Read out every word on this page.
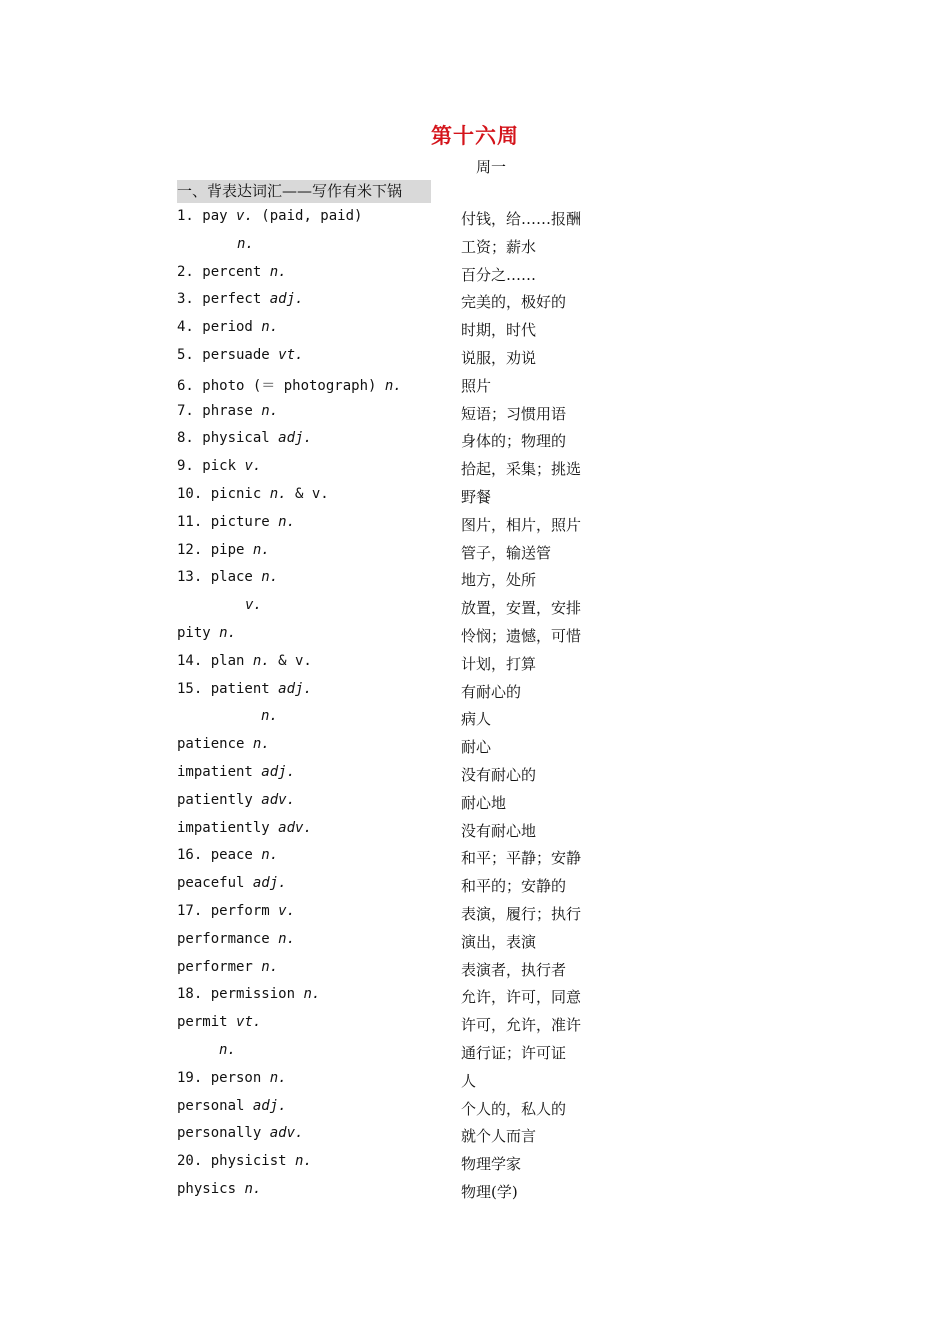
第十六周
周一
一、背表达词汇——写作有米下锅
1. pay v. (paid, paid)	付钱，给……报酬
n.	工资；薪水
2. percent n.	百分之……
3. perfect adj.	完美的，极好的
4. period n.	时期，时代
5. persuade vt.	说服，劝说
6. photo (＝ photograph) n.	照片
7. phrase n.	短语；习惯用语
8. physical adj.	身体的；物理的
9. pick v.	拾起，采集；挑选
10. picnic n. & v.	野餐
11. picture n.	图片，相片，照片
12. pipe n.	管子，输送管
13. place n.	地方，处所
v.	放置，安置，安排
pity n.	怜悯；遗憾，可惜
14. plan n. & v.	计划，打算
15. patient adj.	有耐心的
n.	病人
patience n.	耐心
impatient adj.	没有耐心的
patiently adv.	耐心地
impatiently adv.	没有耐心地
16. peace n.	和平；平静；安静
peaceful adj.	和平的；安静的
17. perform v.	表演，履行；执行
performance n.	演出，表演
performer n.	表演者，执行者
18. permission n.	允许，许可，同意
permit vt.	许可，允许，准许
n.	通行证；许可证
19. person n.	人
personal adj.	个人的，私人的
personally adv.	就个人而言
20. physicist n.	物理学家
physics n.	物理(学)
